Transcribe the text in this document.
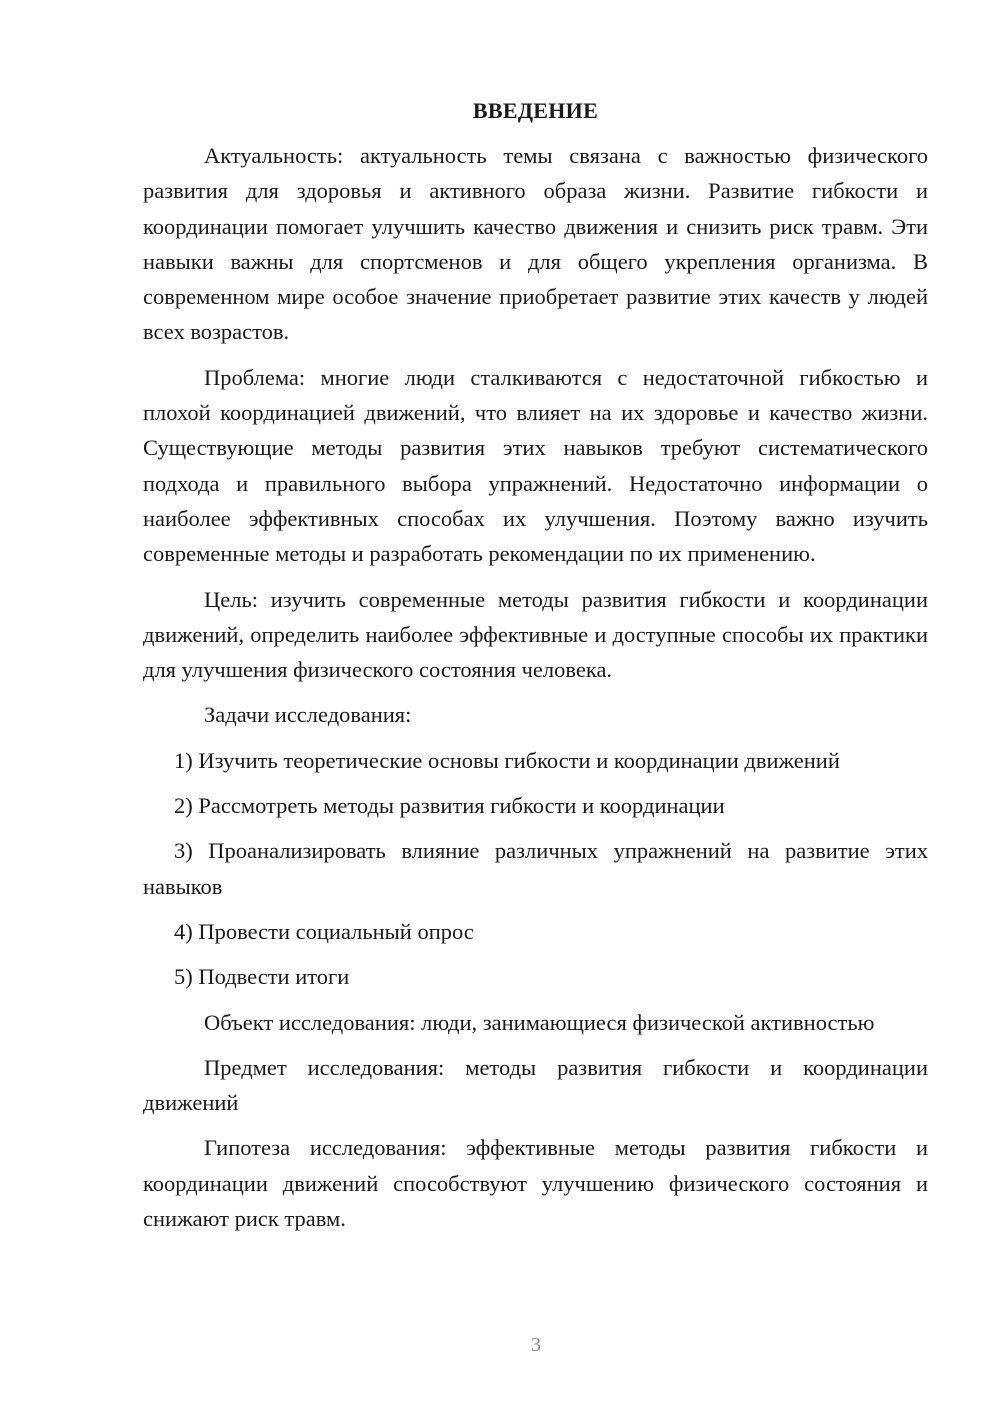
ВВЕДЕНИЕ

Актуальность: актуальность темы связана с важностью физического развития для здоровья и активного образа жизни. Развитие гибкости и координации помогает улучшить качество движения и снизить риск травм. Эти навыки важны для спортсменов и для общего укрепления организма. В современном мире особое значение приобретает развитие этих качеств у людей всех возрастов.

Проблема: многие люди сталкиваются с недостаточной гибкостью и плохой координацией движений, что влияет на их здоровье и качество жизни. Существующие методы развития этих навыков требуют систематического подхода и правильного выбора упражнений. Недостаточно информации о наиболее эффективных способах их улучшения. Поэтому важно изучить современные методы и разработать рекомендации по их применению.

Цель: изучить современные методы развития гибкости и координации движений, определить наиболее эффективные и доступные способы их практики для улучшения физического состояния человека.

Задачи исследования:

1) Изучить теоретические основы гибкости и координации движений

2) Рассмотреть методы развития гибкости и координации

3) Проанализировать влияние различных упражнений на развитие этих навыков

4) Провести социальный опрос

5) Подвести итоги

Объект исследования: люди, занимающиеся физической активностью

Предмет исследования: методы развития гибкости и координации движений

Гипотеза исследования: эффективные методы развития гибкости и координации движений способствуют улучшению физического состояния и снижают риск травм.

3
